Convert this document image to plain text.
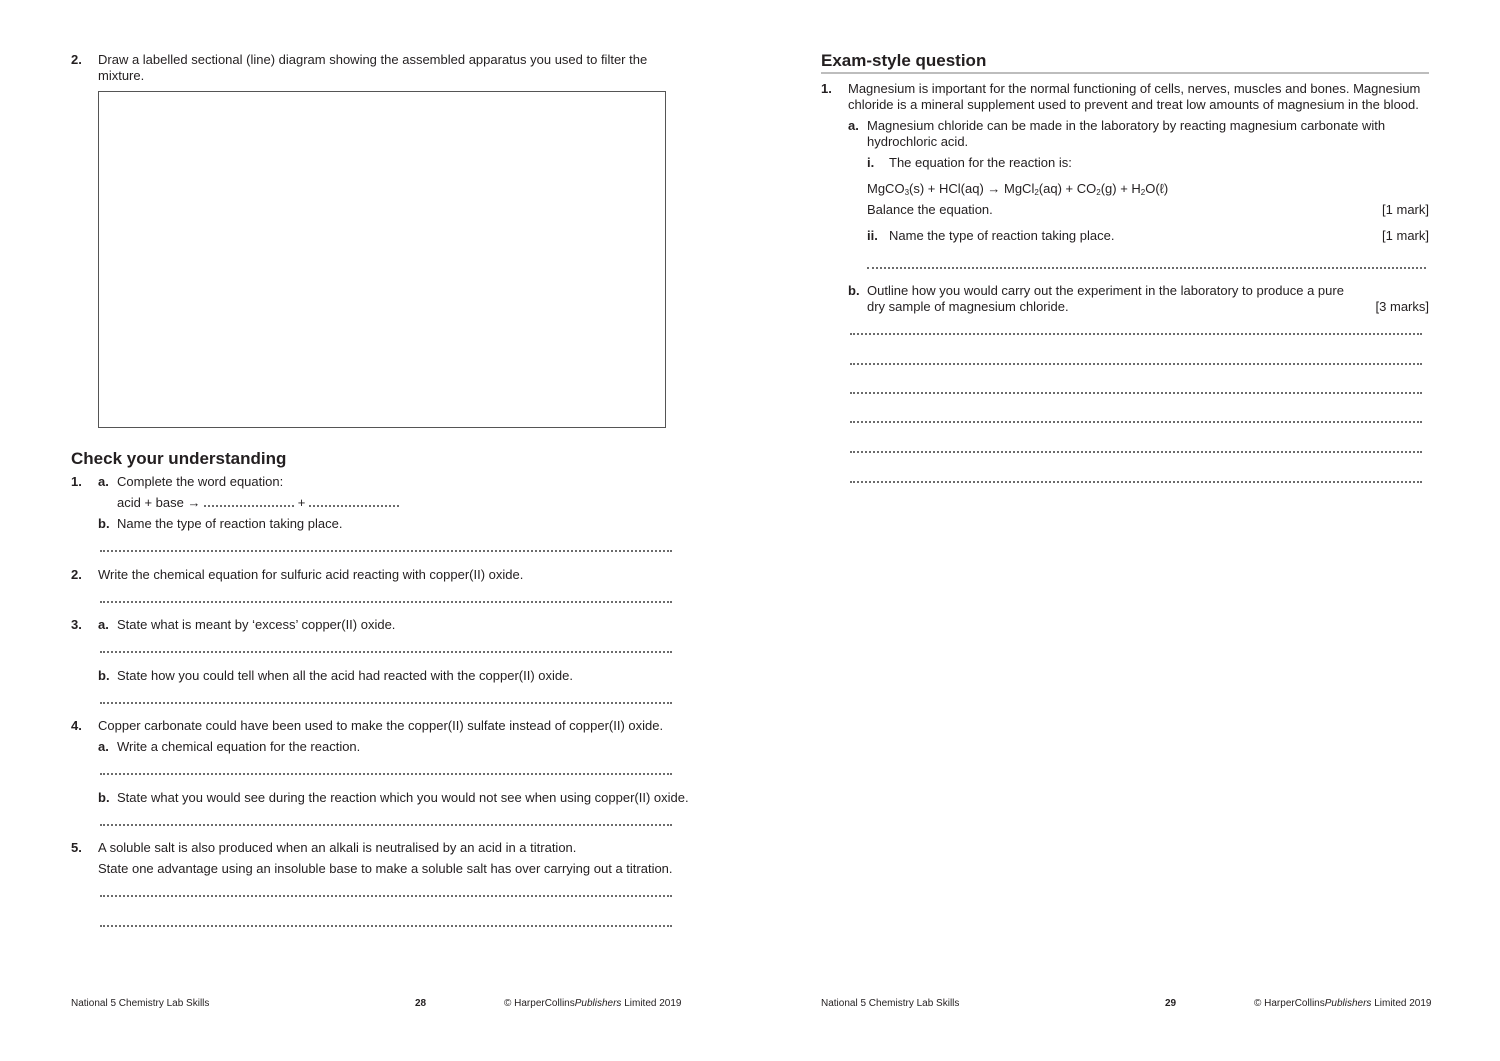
2. Draw a labelled sectional (line) diagram showing the assembled apparatus you used to filter the
mixture.
Check your understanding
1. a. Complete the word equation:
acid + base →	+
b. Name the type of reaction taking place.
2. Write the chemical equation for sulfuric acid reacting with copper(II) oxide.
3. a. State what is meant by ‘excess’ copper(II) oxide.
b. State how you could tell when all the acid had reacted with the copper(II) oxide.
4. Copper carbonate could have been used to make the copper(II) sulfate instead of copper(II) oxide.
a. Write a chemical equation for the reaction.
b. State what you would see during the reaction which you would not see when using copper(II) oxide.
5. A soluble salt is also produced when an alkali is neutralised by an acid in a titration.
State one advantage using an insoluble base to make a soluble salt has over carrying out a titration.
National 5 Chemistry Lab Skills	28	© HarperCollinsPublishers Limited 2019
Exam-style question
1. Magnesium is important for the normal functioning of cells, nerves, muscles and bones. Magnesium
chloride is a mineral supplement used to prevent and treat low amounts of magnesium in the blood.
a. Magnesium chloride can be made in the laboratory by reacting magnesium carbonate with
hydrochloric acid.
i. The equation for the reaction is:
MgCO$_3$(s) + HCl(aq) → MgCl$_2$(aq) + $CO_2(g)$ + $H_2O(\ell)$
Balance the equation.	[1 mark]
ii. Name the type of reaction taking place.	[1 mark]
b. Outline how you would carry out the experiment in the laboratory to produce a pure
dry sample of magnesium chloride.	[3 marks]
National 5 Chemistry Lab Skills	29	© HarperCollinsPublishers Limited 2019
